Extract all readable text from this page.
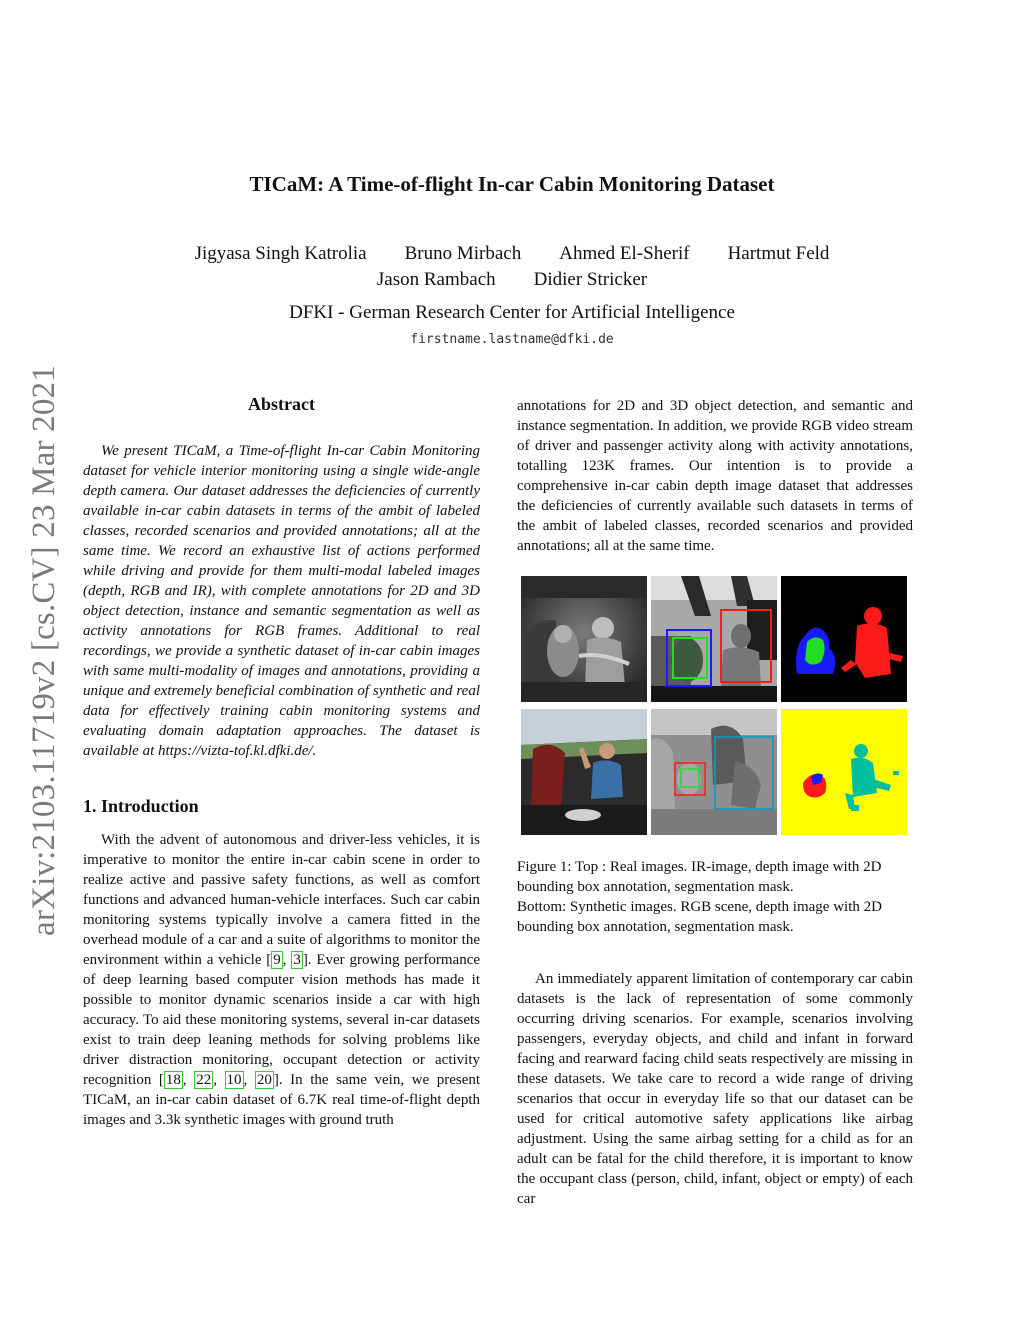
arXiv:2103.11719v2 [cs.CV] 23 Mar 2021
TICaM: A Time-of-flight In-car Cabin Monitoring Dataset
Jigyasa Singh Katrolia Bruno Mirbach Ahmed El-Sherif Hartmut Feld
Jason Rambach Didier Stricker
DFKI - German Research Center for Artificial Intelligence
firstname.lastname@dfki.de
Abstract

We present TICaM, a Time-of-flight In-car Cabin Monitoring dataset for vehicle interior monitoring using a single wide-angle depth camera. Our dataset addresses the deficiencies of currently available in-car cabin datasets in terms of the ambit of labeled classes, recorded scenarios and provided annotations; all at the same time. We record an exhaustive list of actions performed while driving and provide for them multi-modal labeled images (depth, RGB and IR), with complete annotations for 2D and 3D object detection, instance and semantic segmentation as well as activity annotations for RGB frames. Additional to real recordings, we provide a synthetic dataset of in-car cabin images with same multi-modality of images and annotations, providing a unique and extremely beneficial combination of synthetic and real data for effectively training cabin monitoring systems and evaluating domain adaptation approaches. The dataset is available at https://vizta-tof.kl.dfki.de/.

1. Introduction

With the advent of autonomous and driver-less vehicles, it is imperative to monitor the entire in-car cabin scene in order to realize active and passive safety functions, as well as comfort functions and advanced human-vehicle interfaces. Such car cabin monitoring systems typically involve a camera fitted in the overhead module of a car and a suite of algorithms to monitor the environment within a vehicle [ 9 , 3 ]. Ever growing performance of deep learning based computer vision methods has made it possible to monitor dynamic scenarios inside a car with high accuracy. To aid these monitoring systems, several in-car datasets exist to train deep leaning methods for solving problems like driver distraction monitoring, occupant detection or activity recognition [ 18 , 22 , 10 , 20 ]. In the same vein, we present TICaM, an in-car cabin dataset of 6.7K real time-of-flight depth images and 3.3k synthetic images with ground truth

annotations for 2D and 3D object detection, and semantic and instance segmentation. In addition, we provide RGB video stream of driver and passenger activity along with activity annotations, totalling 123K frames. Our intention is to provide a comprehensive in-car cabin depth image dataset that addresses the deficiencies of currently available such datasets in terms of the ambit of labeled classes, recorded scenarios and provided annotations; all at the same time.

Figure 1: Top : Real images. IR-image, depth image with 2D bounding box annotation, segmentation mask.
Bottom: Synthetic images. RGB scene, depth image with 2D bounding box annotation, segmentation mask.

An immediately apparent limitation of contemporary car cabin datasets is the lack of representation of some commonly occurring driving scenarios. For example, scenarios involving passengers, everyday objects, and child and infant in forward facing and rearward facing child seats respectively are missing in these datasets. We take care to record a wide range of driving scenarios that occur in everyday life so that our dataset can be used for critical automotive safety applications like airbag adjustment. Using the same airbag setting for a child as for an adult can be fatal for the child therefore, it is important to know the occupant class (person, child, infant, object or empty) of each car
